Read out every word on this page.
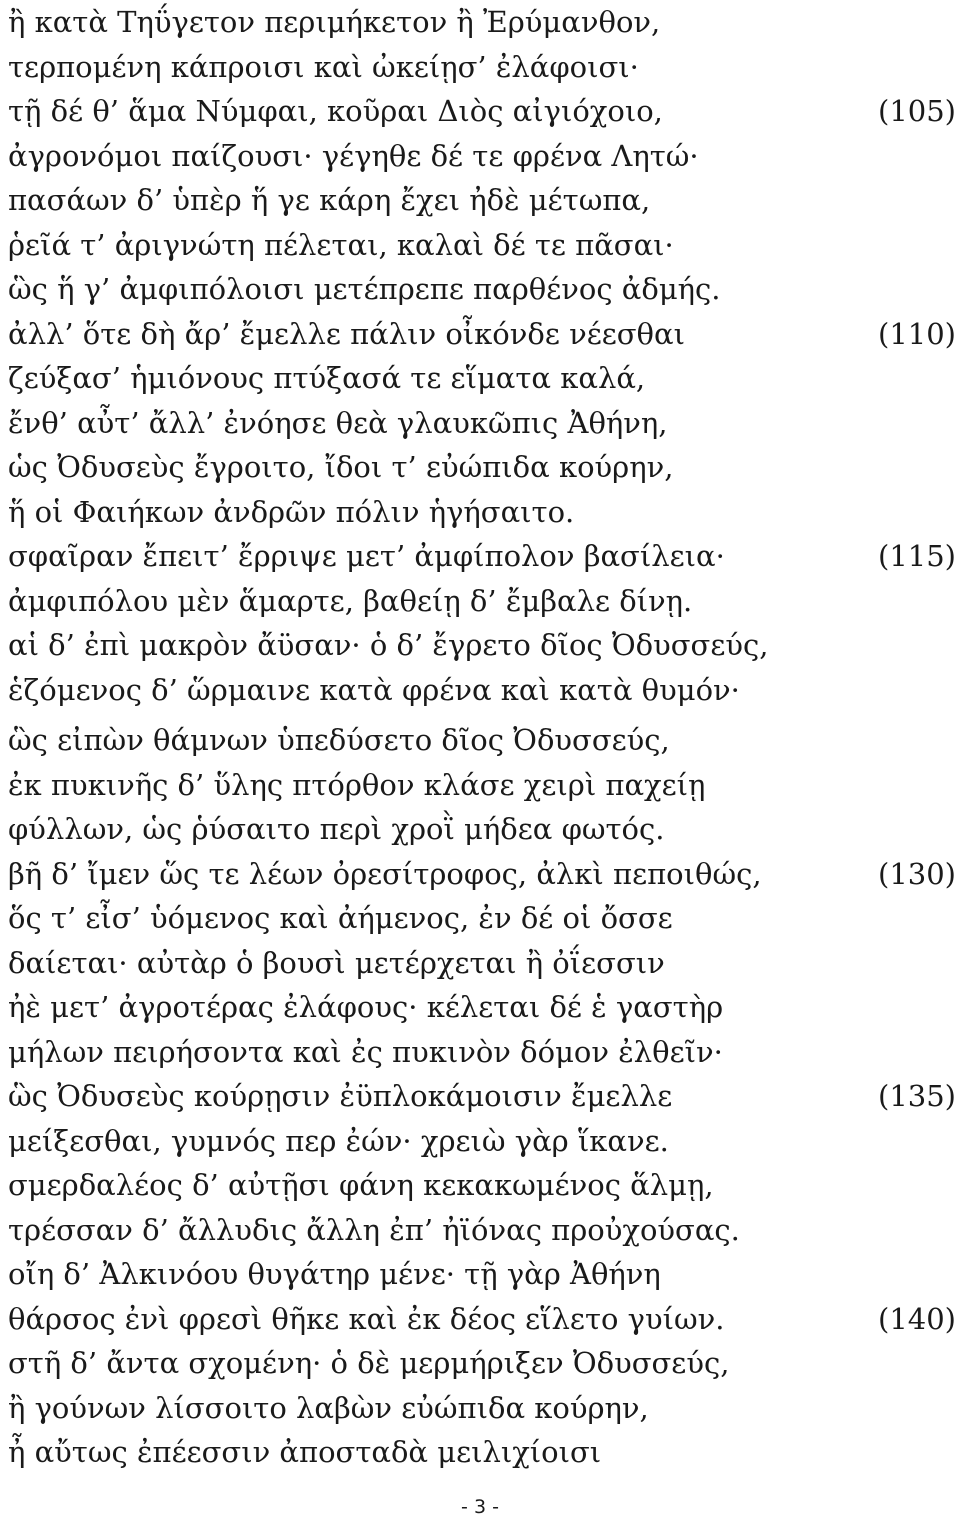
ἢ κατὰ Τηΰγετον περιμήκετον ἢ Ἐρύμανθον,
τερπομένη κάπροισι καὶ ὠκείῃσ’ ἐλάφοισι·
τῇ δέ θ’ ἅμα Νύμφαι, κοῦραι Διὸς αἰγιόχοιο,	(105)
ἀγρονόμοι παίζουσι· γέγηθε δέ τε φρένα Λητώ·
πασάων δ’ ὑπὲρ ἥ γε κάρη ἔχει ἠδὲ μέτωπα,
ῥεῖά τ’ ἀριγνώτη πέλεται, καλαὶ δέ τε πᾶσαι·
ὣς ἥ γ’ ἀμφιπόλοισι μετέπρεπε παρθένος ἀδμής.
ἀλλ’ ὅτε δὴ ἄρ’ ἔμελλε πάλιν οἶκόνδε νέεσθαι	(110)
ζεύξασ’ ἡμιόνους πτύξασά τε εἵματα καλά,
ἔνθ’ αὖτ’ ἄλλ’ ἐνόησε θεὰ γλαυκῶπις Ἀθήνη,
ὡς Ὀδυσεὺς ἔγροιτο, ἴδοι τ’ εὐώπιδα κούρην,
ἥ οἱ Φαιήκων ἀνδρῶν πόλιν ἡγήσαιτο.
σφαῖραν ἔπειτ’ ἔρριψε μετ’ ἀμφίπολον βασίλεια·	(115)
ἀμφιπόλου μὲν ἅμαρτε, βαθείῃ δ’ ἔμβαλε δίνῃ.
αἱ δ’ ἐπὶ μακρὸν ἄϋσαν· ὁ δ’ ἔγρετο δῖος Ὀδυσσεύς,
ἑζόμενος δ’ ὥρμαινε κατὰ φρένα καὶ κατὰ θυμόν·
ὣς εἰπὼν θάμνων ὑπεδύσετο δῖος Ὀδυσσεύς,
ἐκ πυκινῆς δ’ ὕλης πτόρθον κλάσε χειρὶ παχείῃ
φύλλων, ὡς ῥύσαιτο περὶ χροῒ μήδεα φωτός.
βῆ δ’ ἴμεν ὥς τε λέων ὀρεσίτροφος, ἀλκὶ πεποιθώς,	(130)
ὅς τ’ εἶσ’ ὑόμενος καὶ ἀήμενος, ἐν δέ οἱ ὄσσε
δαίεται· αὐτὰρ ὁ βουσὶ μετέρχεται ἢ ὀΐεσσιν
ἠὲ μετ’ ἀγροτέρας ἐλάφους· κέλεται δέ ἑ γαστὴρ
μήλων πειρήσοντα καὶ ἐς πυκινὸν δόμον ἐλθεῖν·
ὣς Ὀδυσεὺς κούρῃσιν ἐϋπλοκάμοισιν ἔμελλε	(135)
μείξεσθαι, γυμνός περ ἐών· χρειὼ γὰρ ἵκανε.
σμερδαλέος δ’ αὐτῇσι φάνη κεκακωμένος ἅλμῃ,
τρέσσαν δ’ ἄλλυδις ἄλλη ἐπ’ ἠϊόνας προὐχούσας.
οἴη δ’ Ἀλκινόου θυγάτηρ μένε· τῇ γὰρ Ἀθήνη
θάρσος ἐνὶ φρεσὶ θῆκε καὶ ἐκ δέος εἵλετο γυίων.	(140)
στῆ δ’ ἄντα σχομένη· ὁ δὲ μερμήριξεν Ὀδυσσεύς,
ἢ γούνων λίσσοιτο λαβὼν εὐώπιδα κούρην,
ἦ αὔτως ἐπέεσσιν ἀποσταδὰ μειλιχίοισι
- 3 -
